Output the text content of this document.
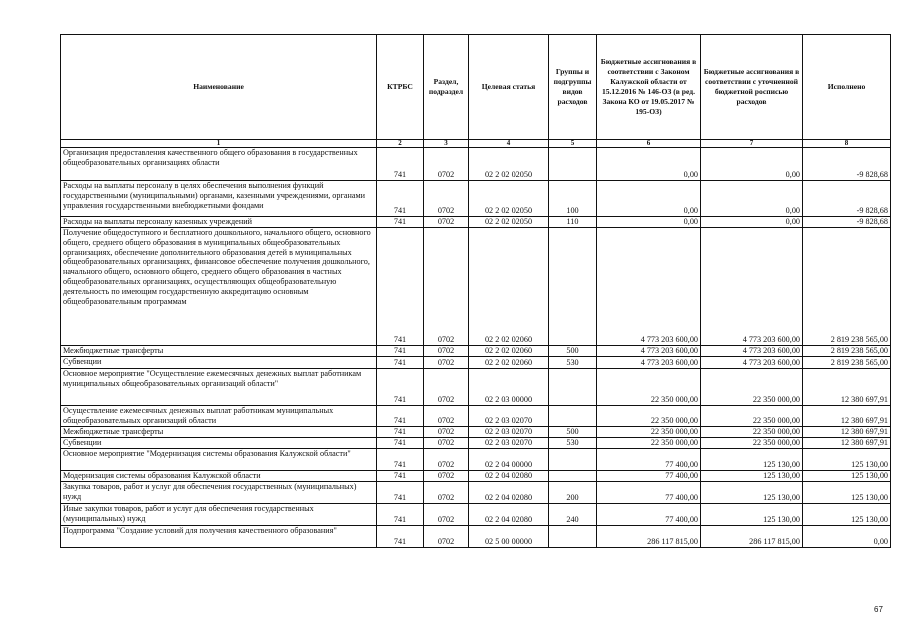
Наименование	КТРБС	Раздел, подраздел	Целевая статья	Группы и подгруппы видов расходов	Бюджетные ассигнования в соответствии с Законом Калужской области от 15.12.2016 № 146-ОЗ (в ред. Закона КО от 19.05.2017 № 195-ОЗ)	Бюджетные ассигнования в соответствии с уточненной бюджетной росписью расходов	Исполнено
1	2	3	4	5	6	7	8
Организация предоставления качественного общего образования в государственных общеобразовательных организациях области	741	0702	02 2 02 02050		0,00	0,00	-9 828,68
Расходы на выплаты персоналу в целях обеспечения выполнения функций государственными (муниципальными) органами, казенными учреждениями, органами управления государственными внебюджетными фондами	741	0702	02 2 02 02050	100	0,00	0,00	-9 828,68
Расходы на выплаты персоналу казенных учреждений	741	0702	02 2 02 02050	110	0,00	0,00	-9 828,68
Получение общедоступного и бесплатного дошкольного, начального общего, основного общего, среднего общего образования в муниципальных общеобразовательных организациях, обеспечение дополнительного образования детей в муниципальных общеобразовательных организациях, финансовое обеспечение получения дошкольного, начального общего, основного общего, среднего общего образования в частных общеобразовательных организациях, осуществляющих общеобразовательную деятельность по имеющим государственную аккредитацию основным общеобразовательным программам	741	0702	02 2 02 02060		4 773 203 600,00	4 773 203 600,00	2 819 238 565,00
Межбюджетные трансферты	741	0702	02 2 02 02060	500	4 773 203 600,00	4 773 203 600,00	2 819 238 565,00
Субвенции	741	0702	02 2 02 02060	530	4 773 203 600,00	4 773 203 600,00	2 819 238 565,00
Основное мероприятие "Осуществление ежемесячных денежных выплат работникам муниципальных общеобразовательных организаций области"	741	0702	02 2 03 00000		22 350 000,00	22 350 000,00	12 380 697,91
Осуществление ежемесячных денежных выплат работникам муниципальных общеобразовательных организаций области	741	0702	02 2 03 02070		22 350 000,00	22 350 000,00	12 380 697,91
Межбюджетные трансферты	741	0702	02 2 03 02070	500	22 350 000,00	22 350 000,00	12 380 697,91
Субвенции	741	0702	02 2 03 02070	530	22 350 000,00	22 350 000,00	12 380 697,91
Основное мероприятие "Модернизация системы образования Калужской области"	741	0702	02 2 04 00000		77 400,00	125 130,00	125 130,00
Модернизация системы образования Калужской области	741	0702	02 2 04 02080		77 400,00	125 130,00	125 130,00
Закупка товаров, работ и услуг для обеспечения государственных (муниципальных) нужд	741	0702	02 2 04 02080	200	77 400,00	125 130,00	125 130,00
Иные закупки товаров, работ и услуг для обеспечения государственных (муниципальных) нужд	741	0702	02 2 04 02080	240	77 400,00	125 130,00	125 130,00
Подпрограмма "Создание условий для получения качественного образования"	741	0702	02 5 00 00000		286 117 815,00	286 117 815,00	0,00
67
